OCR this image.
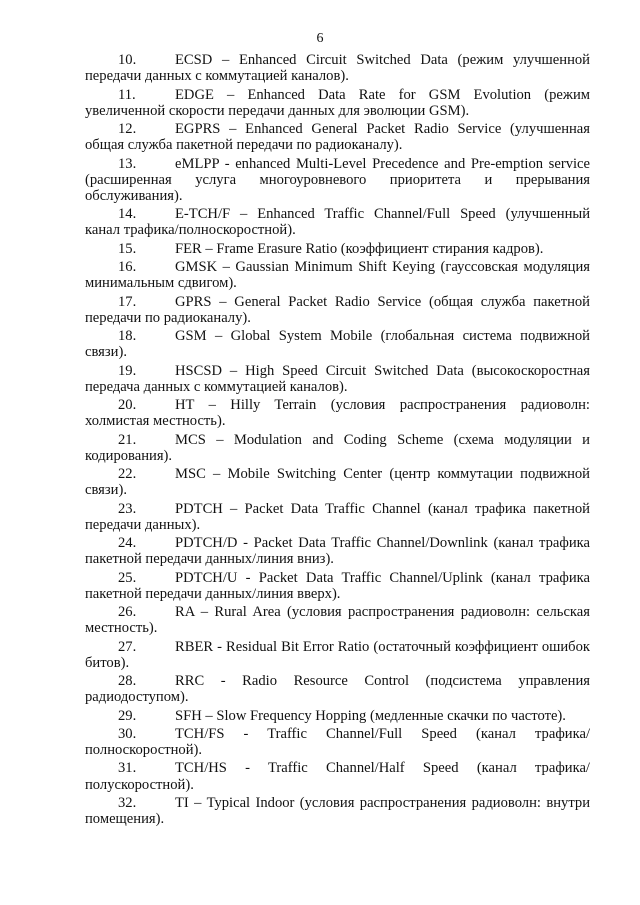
6
10.	ECSD – Enhanced Circuit Switched Data (режим улучшенной передачи данных с коммутацией каналов).
11.	EDGE – Enhanced Data Rate for GSM Evolution (режим увеличенной скорости передачи данных для эволюции GSM).
12.	EGPRS – Enhanced General Packet Radio Service (улучшенная общая служба пакетной передачи по радиоканалу).
13.	eMLPP - enhanced Multi-Level Precedence and Pre-emption service (расширенная услуга многоуровневого приоритета и прерывания обслуживания).
14.	E-TCH/F – Enhanced Traffic Channel/Full Speed (улучшенный канал трафика/полноскоростной).
15.	FER – Frame Erasure Ratio (коэффициент стирания кадров).
16.	GMSK – Gaussian Minimum Shift Keying (гауссовская модуляция минимальным сдвигом).
17.	GPRS – General Packet Radio Service (общая служба пакетной передачи по радиоканалу).
18.	GSM – Global System Mobile (глобальная система подвижной связи).
19.	HSCSD – High Speed Circuit Switched Data (высокоскоростная передача данных с коммутацией каналов).
20.	HT – Hilly Terrain (условия распространения радиоволн: холмистая местность).
21.	MCS – Modulation and Coding Scheme (схема модуляции и кодирования).
22.	MSC – Mobile Switching Center (центр коммутации подвижной связи).
23.	PDTCH – Packet Data Traffic Channel (канал трафика пакетной передачи данных).
24.	PDTCH/D - Packet Data Traffic Channel/Downlink (канал трафика пакетной передачи данных/линия вниз).
25.	PDTCH/U - Packet Data Traffic Channel/Uplink (канал трафика пакетной передачи данных/линия вверх).
26.	RA – Rural Area (условия распространения радиоволн: сельская местность).
27.	RBER - Residual Bit Error Ratio (остаточный коэффициент ошибок битов).
28.	RRC - Radio Resource Control (подсистема управления радиодоступом).
29.	SFH – Slow Frequency Hopping (медленные скачки по частоте).
30.	TCH/FS - Traffic Channel/Full Speed (канал трафика/ полноскоростной).
31.	TCH/HS - Traffic Channel/Half Speed (канал трафика/ полускоростной).
32.	TI – Typical Indoor (условия распространения радиоволн: внутри помещения).
